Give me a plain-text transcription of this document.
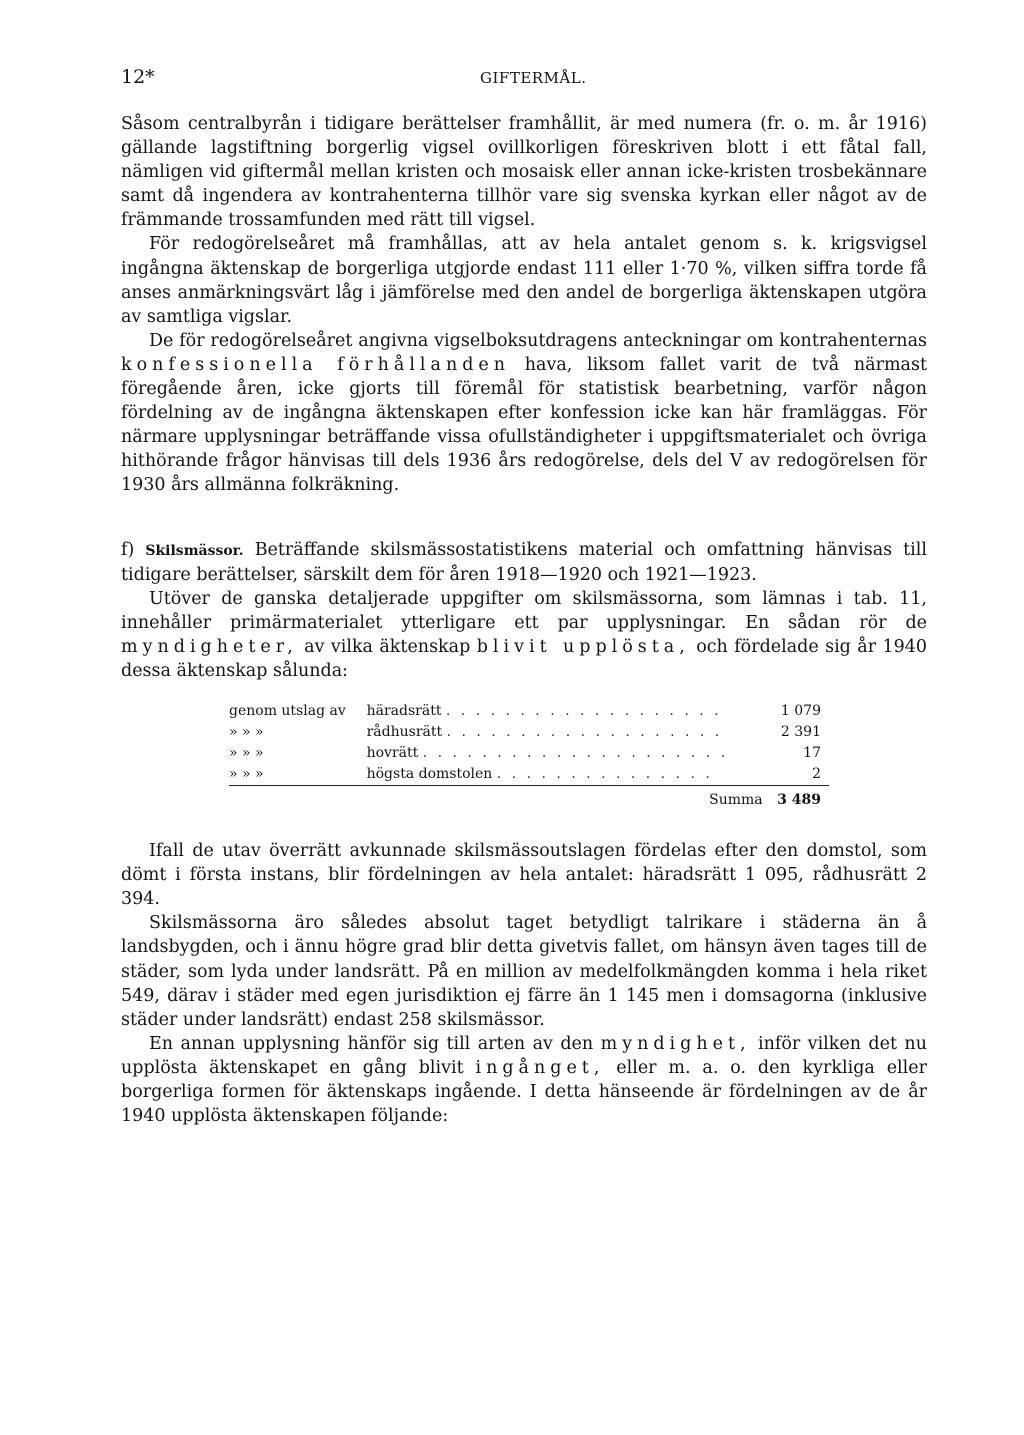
12*	GIFTERMÅL.

Såsom centralbyrån i tidigare berättelser framhållit, är med numera (fr. o. m. år 1916) gällande lagstiftning borgerlig vigsel ovillkorligen föreskriven blott i ett fåtal fall, nämligen vid giftermål mellan kristen och mosaisk eller annan icke-kristen trosbekännare samt då ingendera av kontrahenterna tillhör vare sig svenska kyrkan eller något av de främmande trossamfunden med rätt till vigsel.

För redogörelseåret må framhållas, att av hela antalet genom s. k. krigsvigsel ingångna äktenskap de borgerliga utgjorde endast 111 eller 1·70 %, vilken siffra torde få anses anmärkningsvärt låg i jämförelse med den andel de borgerliga äktenskapen utgöra av samtliga vigslar.

De för redogörelseåret angivna vigselboksutdragens anteckningar om kontrahenternas konfessionella förhållanden hava, liksom fallet varit de två närmast föregående åren, icke gjorts till föremål för statistisk bearbetning, varför någon fördelning av de ingångna äktenskapen efter konfession icke kan här framläggas. För närmare upplysningar beträffande vissa ofullständigheter i uppgiftsmaterialet och övriga hithörande frågor hänvisas till dels 1936 års redogörelse, dels del V av redogörelsen för 1930 års allmänna folkräkning.

f) Skilsmässor. Beträffande skilsmässostatistikens material och omfattning hänvisas till tidigare berättelser, särskilt dem för åren 1918—1920 och 1921—1923.

Utöver de ganska detaljerade uppgifter om skilsmässorna, som lämnas i tab. 11, innehåller primärmaterialet ytterligare ett par upplysningar. En sådan rör de myndigheter, av vilka äktenskap blivit upplösta, och fördelade sig år 1940 dessa äktenskap sålunda:

genom utslag av	häradsrätt . . . . . . . . . . . . . . . . . . .	1 079
» » »	rådhusrätt . . . . . . . . . . . . . . . . . . .	2 391
» » »	hovrätt . . . . . . . . . . . . . . . . . . . . .	17
» » »	högsta domstolen . . . . . . . . . . . . . . .	2
	Summa	3 489

Ifall de utav överrätt avkunnade skilsmässoutslagen fördelas efter den domstol, som dömt i första instans, blir fördelningen av hela antalet: häradsrätt 1 095, rådhusrätt 2 394.

Skilsmässorna äro således absolut taget betydligt talrikare i städerna än å landsbygden, och i ännu högre grad blir detta givetvis fallet, om hänsyn även tages till de städer, som lyda under landsrätt. På en million av medelfolkmängden komma i hela riket 549, därav i städer med egen jurisdiktion ej färre än 1 145 men i domsagorna (inklusive städer under landsrätt) endast 258 skilsmässor.

En annan upplysning hänför sig till arten av den myndighet, inför vilken det nu upplösta äktenskapet en gång blivit ingånget, eller m. a. o. den kyrkliga eller borgerliga formen för äktenskaps ingående. I detta hänseende är fördelningen av de år 1940 upplösta äktenskapen följande:
